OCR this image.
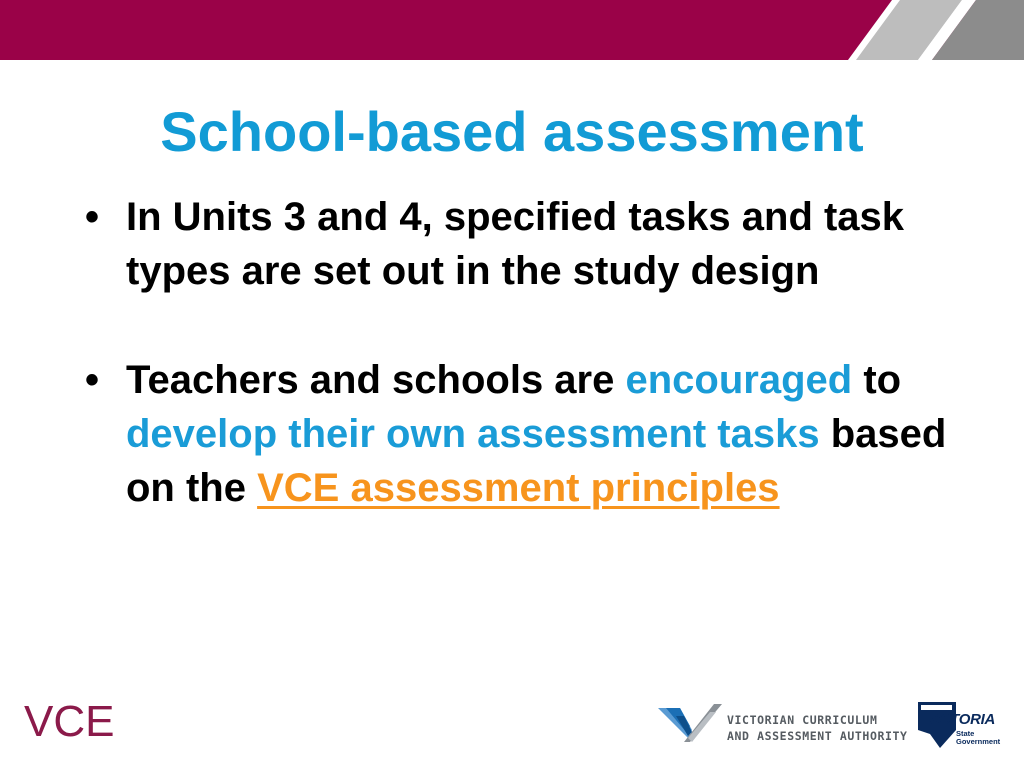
School-based assessment
• In Units 3 and 4, specified tasks and task types are set out in the study design
• Teachers and schools are encouraged to develop their own assessment tasks based on the VCE assessment principles
VCE	VICTORIAN CURRICULUM
AND ASSESSMENT AUTHORITY
VICTORIA
State
Government
